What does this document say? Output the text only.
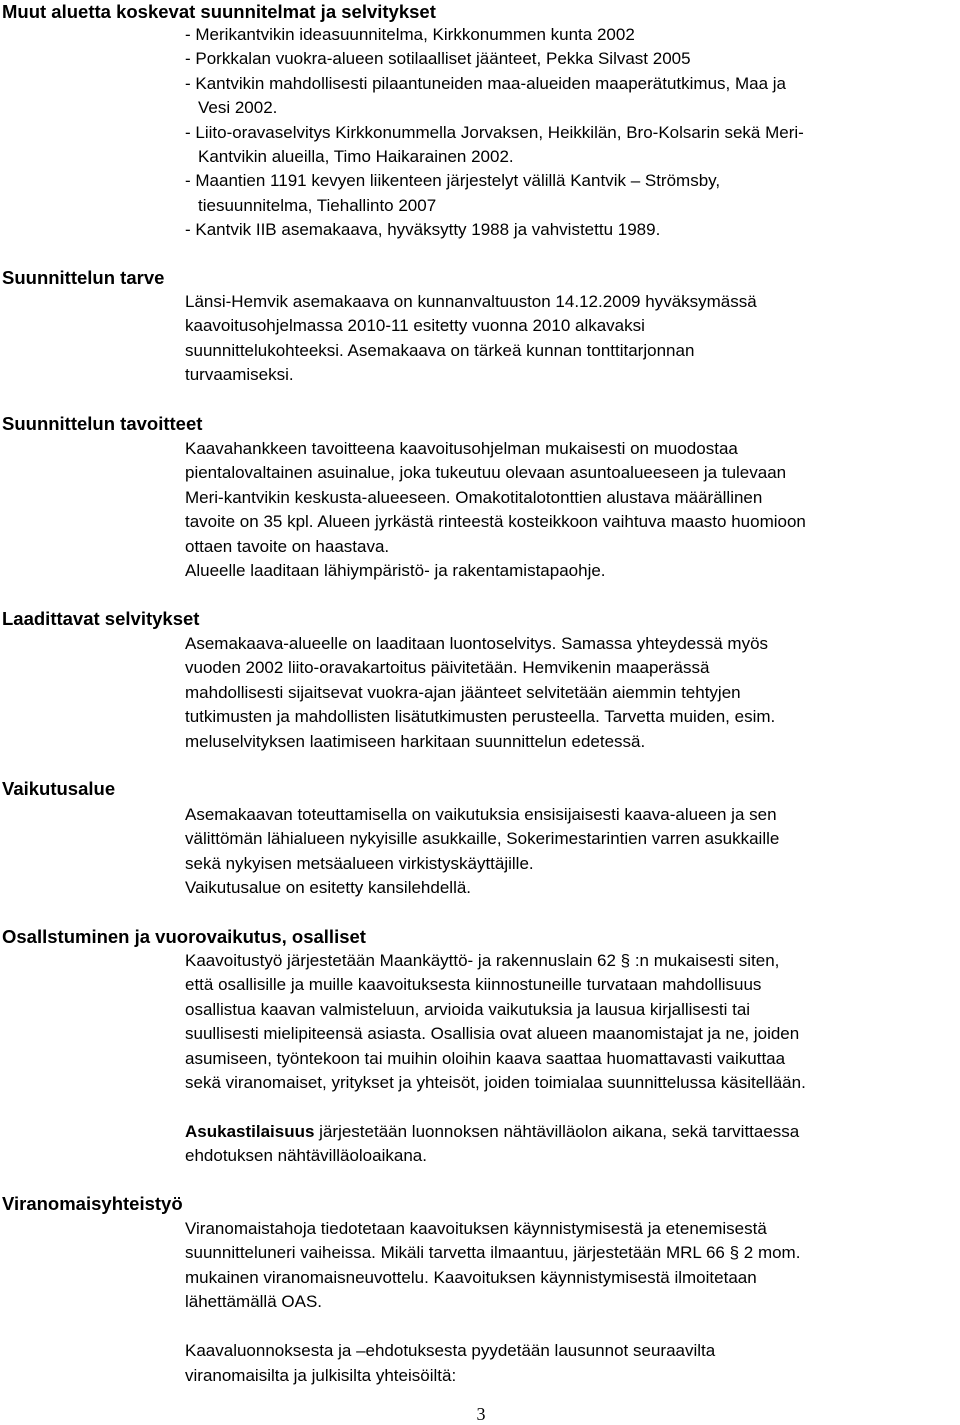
Muut aluetta koskevat suunnitelmat ja selvitykset

- Merikantvikin ideasuunnitelma, Kirkkonummen kunta 2002

- Porkkalan vuokra-alueen sotilaalliset jäänteet, Pekka Silvast 2005

- Kantvikin mahdollisesti pilaantuneiden maa-alueiden maaperätutkimus, Maa ja

Vesi 2002.

- Liito-oravaselvitys Kirkkonummella Jorvaksen, Heikkilän, Bro-Kolsarin sekä Meri-

Kantvikin alueilla, Timo Haikarainen 2002.

- Maantien 1191 kevyen liikenteen järjestelyt välillä Kantvik – Strömsby,

tiesuunnitelma, Tiehallinto 2007

- Kantvik IIB asemakaava, hyväksytty 1988 ja vahvistettu 1989.

Suunnittelun tarve

Länsi-Hemvik asemakaava on kunnanvaltuuston 14.12.2009 hyväksymässä

kaavoitusohjelmassa 2010-11 esitetty vuonna 2010 alkavaksi

suunnittelukohteeksi. Asemakaava on tärkeä kunnan tonttitarjonnan

turvaamiseksi.

Suunnittelun tavoitteet

Kaavahankkeen tavoitteena kaavoitusohjelman mukaisesti on muodostaa

pientalovaltainen asuinalue, joka tukeutuu olevaan asuntoalueeseen ja tulevaan

Meri-kantvikin keskusta-alueeseen. Omakotitalotonttien alustava määrällinen

tavoite on 35 kpl. Alueen jyrkästä rinteestä kosteikkoon vaihtuva maasto huomioon

ottaen tavoite on haastava.

Alueelle laaditaan lähiympäristö- ja rakentamistapaohje.

Laadittavat selvitykset

Asemakaava-alueelle on laaditaan luontoselvitys. Samassa yhteydessä myös

vuoden 2002 liito-oravakartoitus päivitetään. Hemvikenin maaperässä

mahdollisesti sijaitsevat vuokra-ajan jäänteet selvitetään aiemmin tehtyjen

tutkimusten ja mahdollisten lisätutkimusten perusteella. Tarvetta muiden, esim.

meluselvityksen laatimiseen harkitaan suunnittelun edetessä.

Vaikutusalue

Asemakaavan toteuttamisella on vaikutuksia ensisijaisesti kaava-alueen ja sen

välittömän lähialueen nykyisille asukkaille, Sokerimestarintien varren asukkaille

sekä nykyisen metsäalueen virkistyskäyttäjille.

Vaikutusalue on esitetty kansilehdellä.

Osallstuminen ja vuorovaikutus, osalliset

Kaavoitustyö järjestetään Maankäyttö- ja rakennuslain 62 § :n mukaisesti siten,

että osallisille ja muille kaavoituksesta kiinnostuneille turvataan mahdollisuus

osallistua kaavan valmisteluun, arvioida vaikutuksia ja lausua kirjallisesti tai

suullisesti mielipiteensä asiasta. Osallisia ovat alueen maanomistajat ja ne, joiden

asumiseen, työntekoon tai muihin oloihin kaava saattaa huomattavasti vaikuttaa

sekä viranomaiset, yritykset ja yhteisöt, joiden toimialaa suunnittelussa käsitellään.

Asukastilaisuus järjestetään luonnoksen nähtävilläolon aikana, sekä tarvittaessa

ehdotuksen nähtävilläoloaikana.

Viranomaisyhteistyö

Viranomaistahoja tiedotetaan kaavoituksen käynnistymisestä ja etenemisestä

suunnitteluneri vaiheissa. Mikäli tarvetta ilmaantuu, järjestetään MRL 66 § 2 mom.

mukainen viranomaisneuvottelu. Kaavoituksen käynnistymisestä ilmoitetaan

lähettämällä OAS.

Kaavaluonnoksesta ja –ehdotuksesta pyydetään lausunnot seuraavilta

viranomaisilta ja julkisilta yhteisöiltä:

3
